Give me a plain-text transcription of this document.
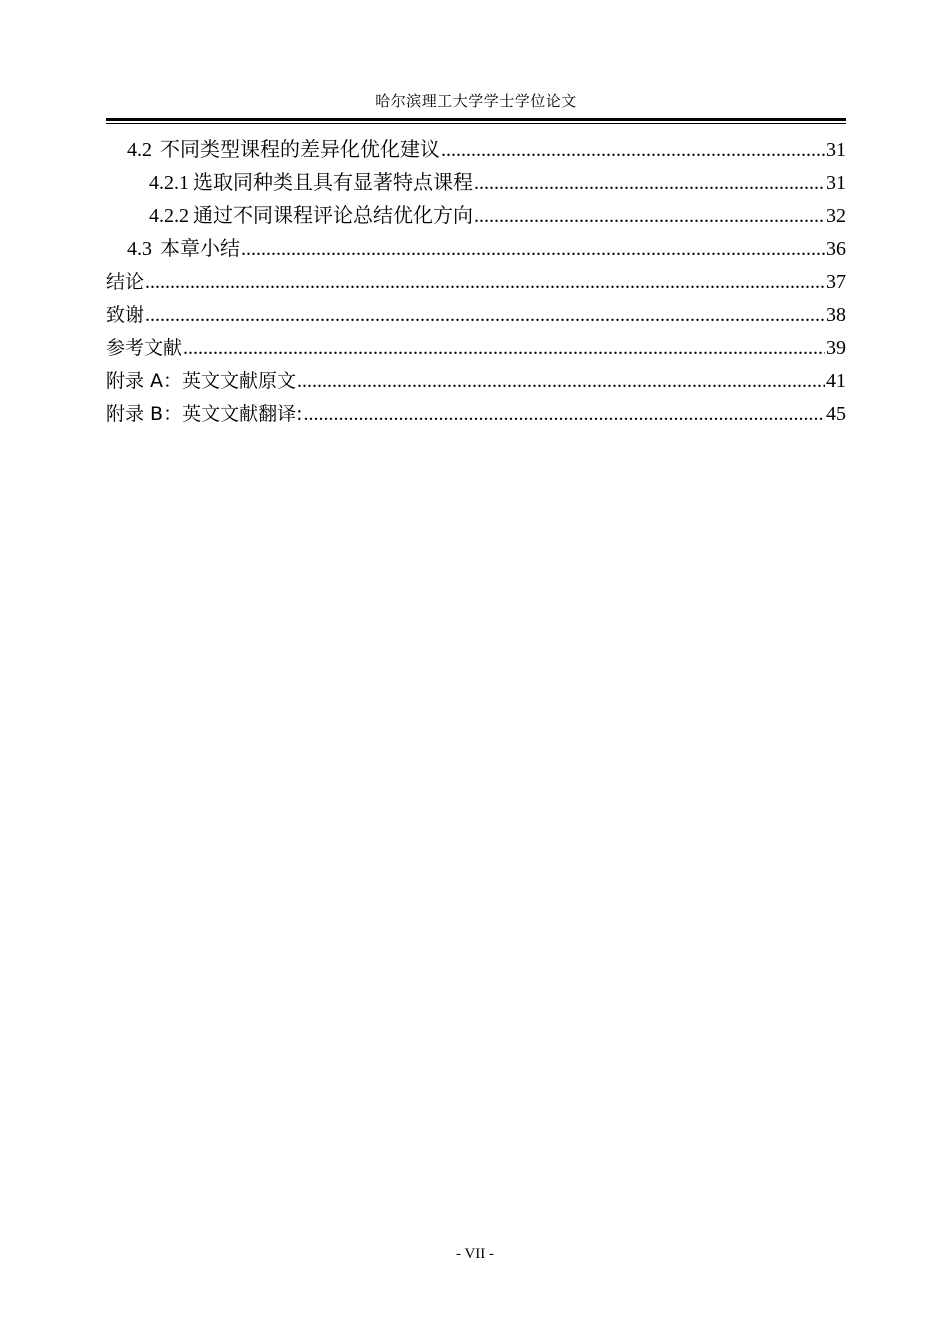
哈尔滨理工大学学士学位论文
4.2 不同类型课程的差异化优化建议 .....	31
4.2.1 选取同种类且具有显著特点课程 .....	31
4.2.2 通过不同课程评论总结优化方向 .....	32
4.3 本章小结 .....	36
结论 .....	37
致谢 .....	38
参考文献 .....	39
附录 A：英文文献原文 .....	41
附录 B：英文文献翻译: .....	45
- VII -
